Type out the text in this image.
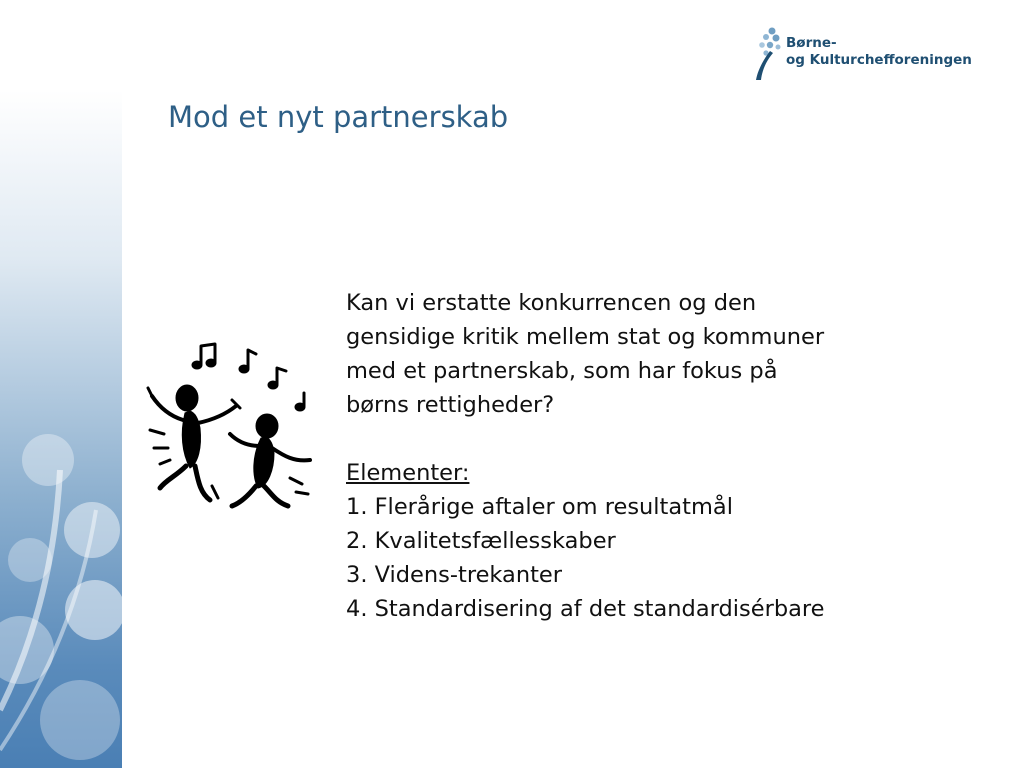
Børne-
og Kulturchefforeningen
Mod et nyt partnerskab

Kan vi erstatte konkurrencen og den

gensidige kritik mellem stat og kommuner

med et partnerskab, som har fokus på

børns rettigheder?

Elementer:

1. Flerårige aftaler om resultatmål

2. Kvalitetsfællesskaber

3. Videns-trekanter

4. Standardisering af det standardisérbare
